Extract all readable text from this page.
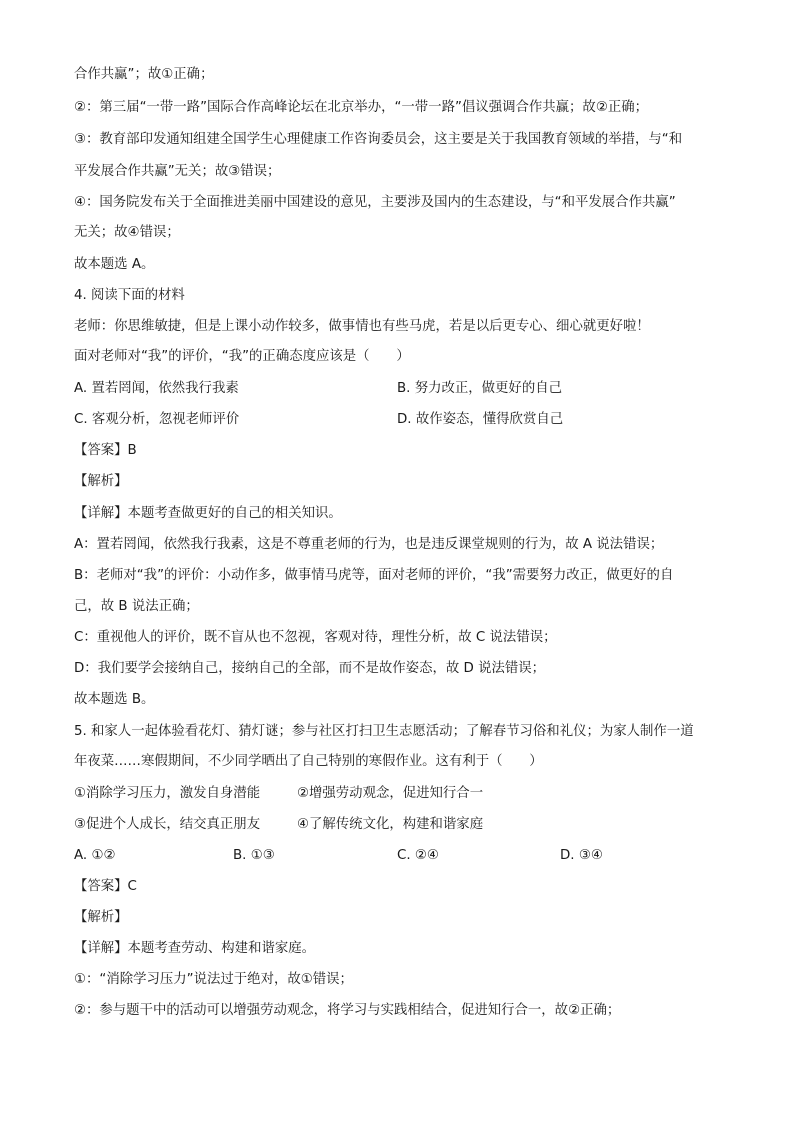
合作共赢”；故①正确；

②：第三届“一带一路”国际合作高峰论坛在北京举办，“一带一路”倡议强调合作共赢；故②正确；

③：教育部印发通知组建全国学生心理健康工作咨询委员会，这主要是关于我国教育领域的举措，与“和

平发展合作共赢”无关；故③错误；

④：国务院发布关于全面推进美丽中国建设的意见，主要涉及国内的生态建设，与“和平发展合作共赢”

无关；故④错误；

故本题选 A。

4. 阅读下面的材料

老师：你思维敏捷，但是上课小动作较多，做事情也有些马虎，若是以后更专心、细心就更好啦！

面对老师对“我”的评价，“我”的正确态度应该是（　　）

A. 置若罔闻，依然我行我素	B. 努力改正，做更好的自己

C. 客观分析，忽视老师评价	D. 故作姿态，懂得欣赏自己

【答案】B

【解析】

【详解】本题考查做更好的自己的相关知识。

A：置若罔闻，依然我行我素，这是不尊重老师的行为，也是违反课堂规则的行为，故 A 说法错误；

B：老师对“我”的评价：小动作多，做事情马虎等，面对老师的评价，“我”需要努力改正，做更好的自

己，故 B 说法正确；

C：重视他人的评价，既不盲从也不忽视，客观对待，理性分析，故 C 说法错误；

D：我们要学会接纳自己，接纳自己的全部，而不是故作姿态，故 D 说法错误；

故本题选 B。

5. 和家人一起体验看花灯、猜灯谜；参与社区打扫卫生志愿活动；了解春节习俗和礼仪；为家人制作一道

年夜菜……寒假期间，不少同学晒出了自己特别的寒假作业。这有利于（　　）

①消除学习压力，激发自身潜能	②增强劳动观念，促进知行合一

③促进个人成长，结交真正朋友	④了解传统文化，构建和谐家庭

A. ①②	B. ①③	C. ②④	D. ③④

【答案】C

【解析】

【详解】本题考查劳动、构建和谐家庭。

①：“消除学习压力”说法过于绝对，故①错误；

②：参与题干中的活动可以增强劳动观念，将学习与实践相结合，促进知行合一，故②正确；
